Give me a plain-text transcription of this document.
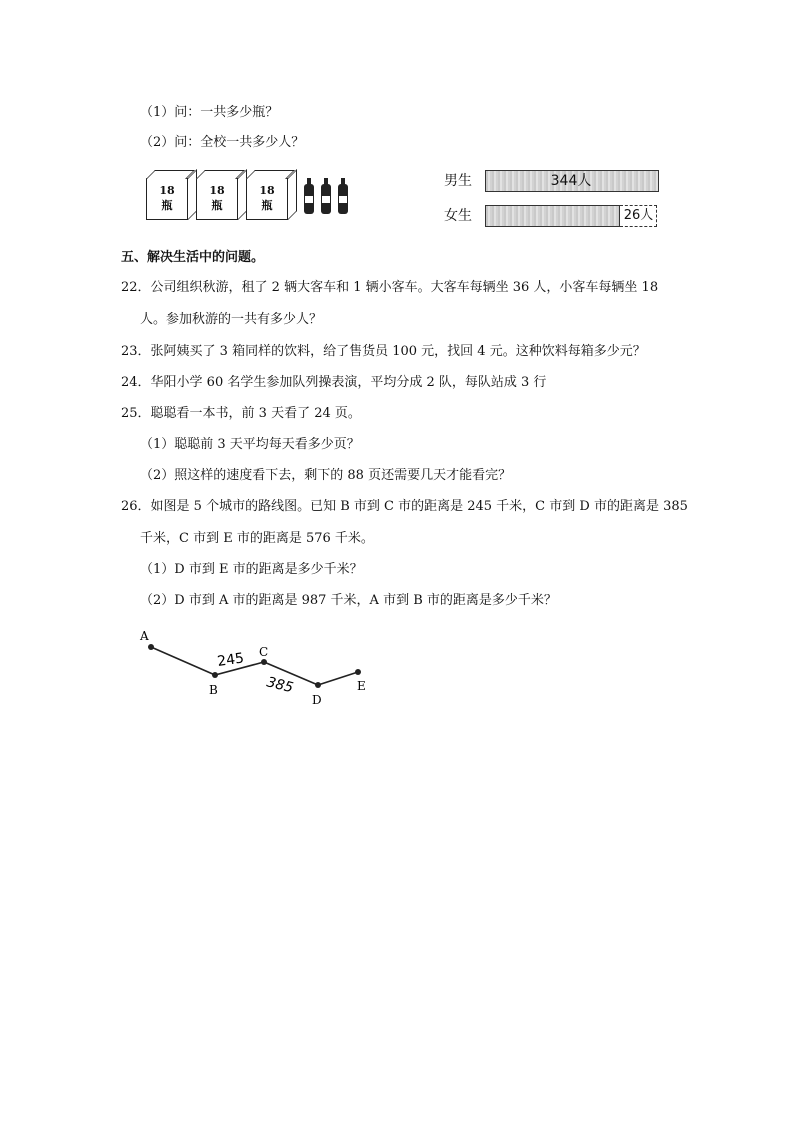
（1）问：一共多少瓶？
（2）问：全校一共多少人？
18
瓶
18
瓶
18
瓶
男生	344人
女生	26人
五、解决生活中的问题。
22．公司组织秋游，租了 2 辆大客车和 1 辆小客车。大客车每辆坐 36 人，小客车每辆坐 18
人。参加秋游的一共有多少人？
23．张阿姨买了 3 箱同样的饮料，给了售货员 100 元，找回 4 元。这种饮料每箱多少元？
24．华阳小学 60 名学生参加队列操表演，平均分成 2 队，每队站成 3 行
25．聪聪看一本书，前 3 天看了 24 页。
（1）聪聪前 3 天平均每天看多少页？
（2）照这样的速度看下去，剩下的 88 页还需要几天才能看完？
26．如图是 5 个城市的路线图。已知 B 市到 C 市的距离是 245 千米，C 市到 D 市的距离是 385
千米，C 市到 E 市的距离是 576 千米。
（1）D 市到 E 市的距离是多少千米？
（2）D 市到 A 市的距离是 987 千米，A 市到 B 市的距离是多少千米？
A
B
C
D
E
245
385
